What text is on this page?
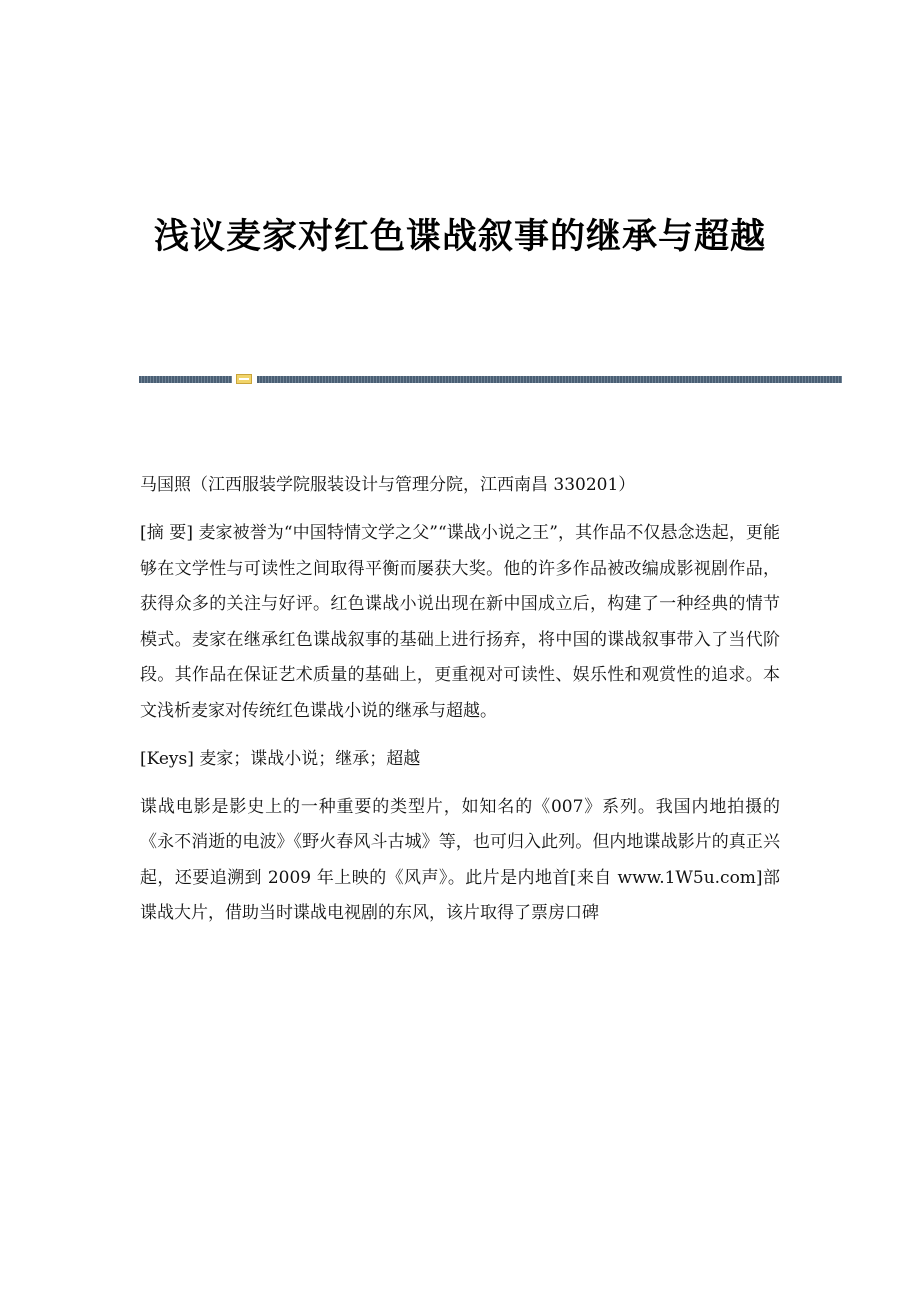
浅议麦家对红色谍战叙事的继承与超越

马国照（江西服装学院服装设计与管理分院，江西南昌 330201）

[摘 要] 麦家被誉为“中国特情文学之父”“谍战小说之王”，其作品不仅悬念迭起，更能够在文学性与可读性之间取得平衡而屡获大奖。他的许多作品被改编成影视剧作品，获得众多的关注与好评。红色谍战小说出现在新中国成立后，构建了一种经典的情节模式。麦家在继承红色谍战叙事的基础上进行扬弃，将中国的谍战叙事带入了当代阶段。其作品在保证艺术质量的基础上，更重视对可读性、娱乐性和观赏性的追求。本文浅析麦家对传统红色谍战小说的继承与超越。

[Keys] 麦家；谍战小说；继承；超越

谍战电影是影史上的一种重要的类型片，如知名的《007》系列。我国内地拍摄的《永不消逝的电波》《野火春风斗古城》等，也可归入此列。但内地谍战影片的真正兴起，还要追溯到 2009 年上映的《风声》。此片是内地首[来自 www.1W5u.com]部谍战大片，借助当时谍战电视剧的东风，该片取得了票房口碑
